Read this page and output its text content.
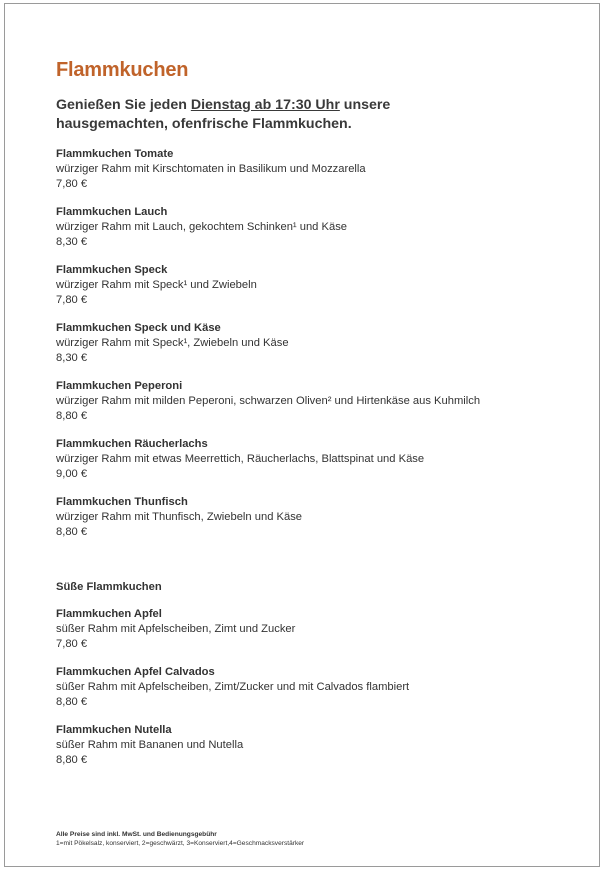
Flammkuchen

Genießen Sie jeden Dienstag ab 17:30 Uhr unsere hausgemachten, ofenfrische Flammkuchen.

Flammkuchen Tomate
würziger Rahm mit Kirschtomaten in Basilikum und Mozzarella
7,80 €
Flammkuchen Lauch
würziger Rahm mit Lauch, gekochtem Schinken¹ und Käse
8,30 €
Flammkuchen Speck
würziger Rahm mit Speck¹ und Zwiebeln
7,80 €
Flammkuchen Speck und Käse
würziger Rahm mit Speck¹, Zwiebeln und Käse
8,30 €
Flammkuchen Peperoni
würziger Rahm mit milden Peperoni, schwarzen Oliven² und Hirtenkäse aus Kuhmilch
8,80 €
Flammkuchen Räucherlachs
würziger Rahm mit etwas Meerrettich, Räucherlachs, Blattspinat und Käse
9,00 €
Flammkuchen Thunfisch
würziger Rahm mit Thunfisch, Zwiebeln und Käse
8,80 €
Süße Flammkuchen
Flammkuchen Apfel
süßer Rahm mit Apfelscheiben, Zimt und Zucker
7,80 €
Flammkuchen Apfel Calvados
süßer Rahm mit Apfelscheiben, Zimt/Zucker und mit Calvados flambiert
8,80 €
Flammkuchen Nutella
süßer Rahm mit Bananen und Nutella
8,80 €
Alle Preise sind inkl. MwSt. und Bedienungsgebühr
1=mit Pökelsalz, konserviert, 2=geschwärzt, 3=Konserviert,4=Geschmacksverstärker
